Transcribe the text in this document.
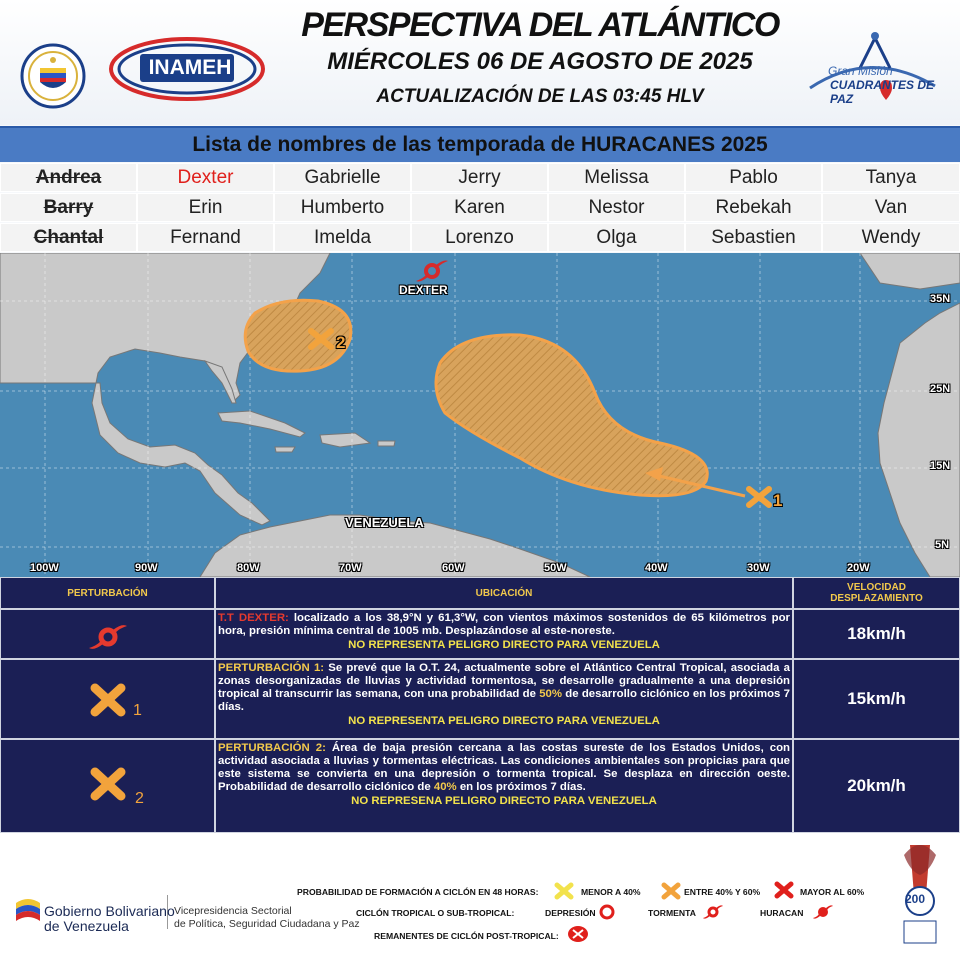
INAMEH
PERSPECTIVA DEL ATLÁNTICO
MIÉRCOLES 06 DE AGOSTO DE 2025
ACTUALIZACIÓN DE LAS 03:45 HLV
Gran Misión
CUADRANTES DE PAZ
Lista de nombres de las temporada de HURACANES 2025
Andrea	Dexter	Gabrielle	Jerry	Melissa	Pablo	Tanya
Barry	Erin	Humberto	Karen	Nestor	Rebekah	Van
Chantal	Fernand	Imelda	Lorenzo	Olga	Sebastien	Wendy
DEXTER
VENEZUELA
2
1
35N
25N
15N
5N
100W	90W	80W	70W	60W	50W	40W	30W	20W
PERTURBACIÓN	UBICACIÓN	VELOCIDAD DESPLAZAMIENTO
T.T DEXTER: localizado a los 38,9°N y 61,3°W, con vientos máximos sostenidos de 65 kilómetros por hora, presión mínima central de 1005 mb. Desplazándose al este-noreste.
NO REPRESENTA PELIGRO DIRECTO PARA VENEZUELA
18km/h
1
PERTURBACIÓN 1: Se prevé que la O.T. 24, actualmente sobre el Atlántico Central Tropical, asociada a zonas desorganizadas de lluvias y actividad tormentosa, se desarrolle gradualmente a una depresión tropical al transcurrir las semana, con una probabilidad de 50% de desarrollo ciclónico en los próximos 7 días.
NO REPRESENTA PELIGRO DIRECTO PARA VENEZUELA
15km/h
2
PERTURBACIÓN 2: Área de baja presión cercana a las costas sureste de los Estados Unidos, con actividad asociada a lluvias y tormentas eléctricas. Las condiciones ambientales son propicias para que este sistema se convierta en una depresión o tormenta tropical. Se desplaza en dirección oeste. Probabilidad de desarrollo ciclónico de 40% en los próximos 7 días.
NO REPRESENA PELIGRO DIRECTO PARA VENEZUELA
20km/h
200
Gobierno Bolivariano
de Venezuela
Vicepresidencia Sectorial
de Política, Seguridad Ciudadana y Paz
PROBABILIDAD DE FORMACIÓN A CICLÓN EN 48 HORAS:	MENOR A 40%	ENTRE 40% Y 60%	MAYOR AL 60%
CICLÓN TROPICAL O SUB-TROPICAL:	DEPRESIÓN	TORMENTA	HURACAN
REMANENTES DE CICLÓN POST-TROPICAL:
